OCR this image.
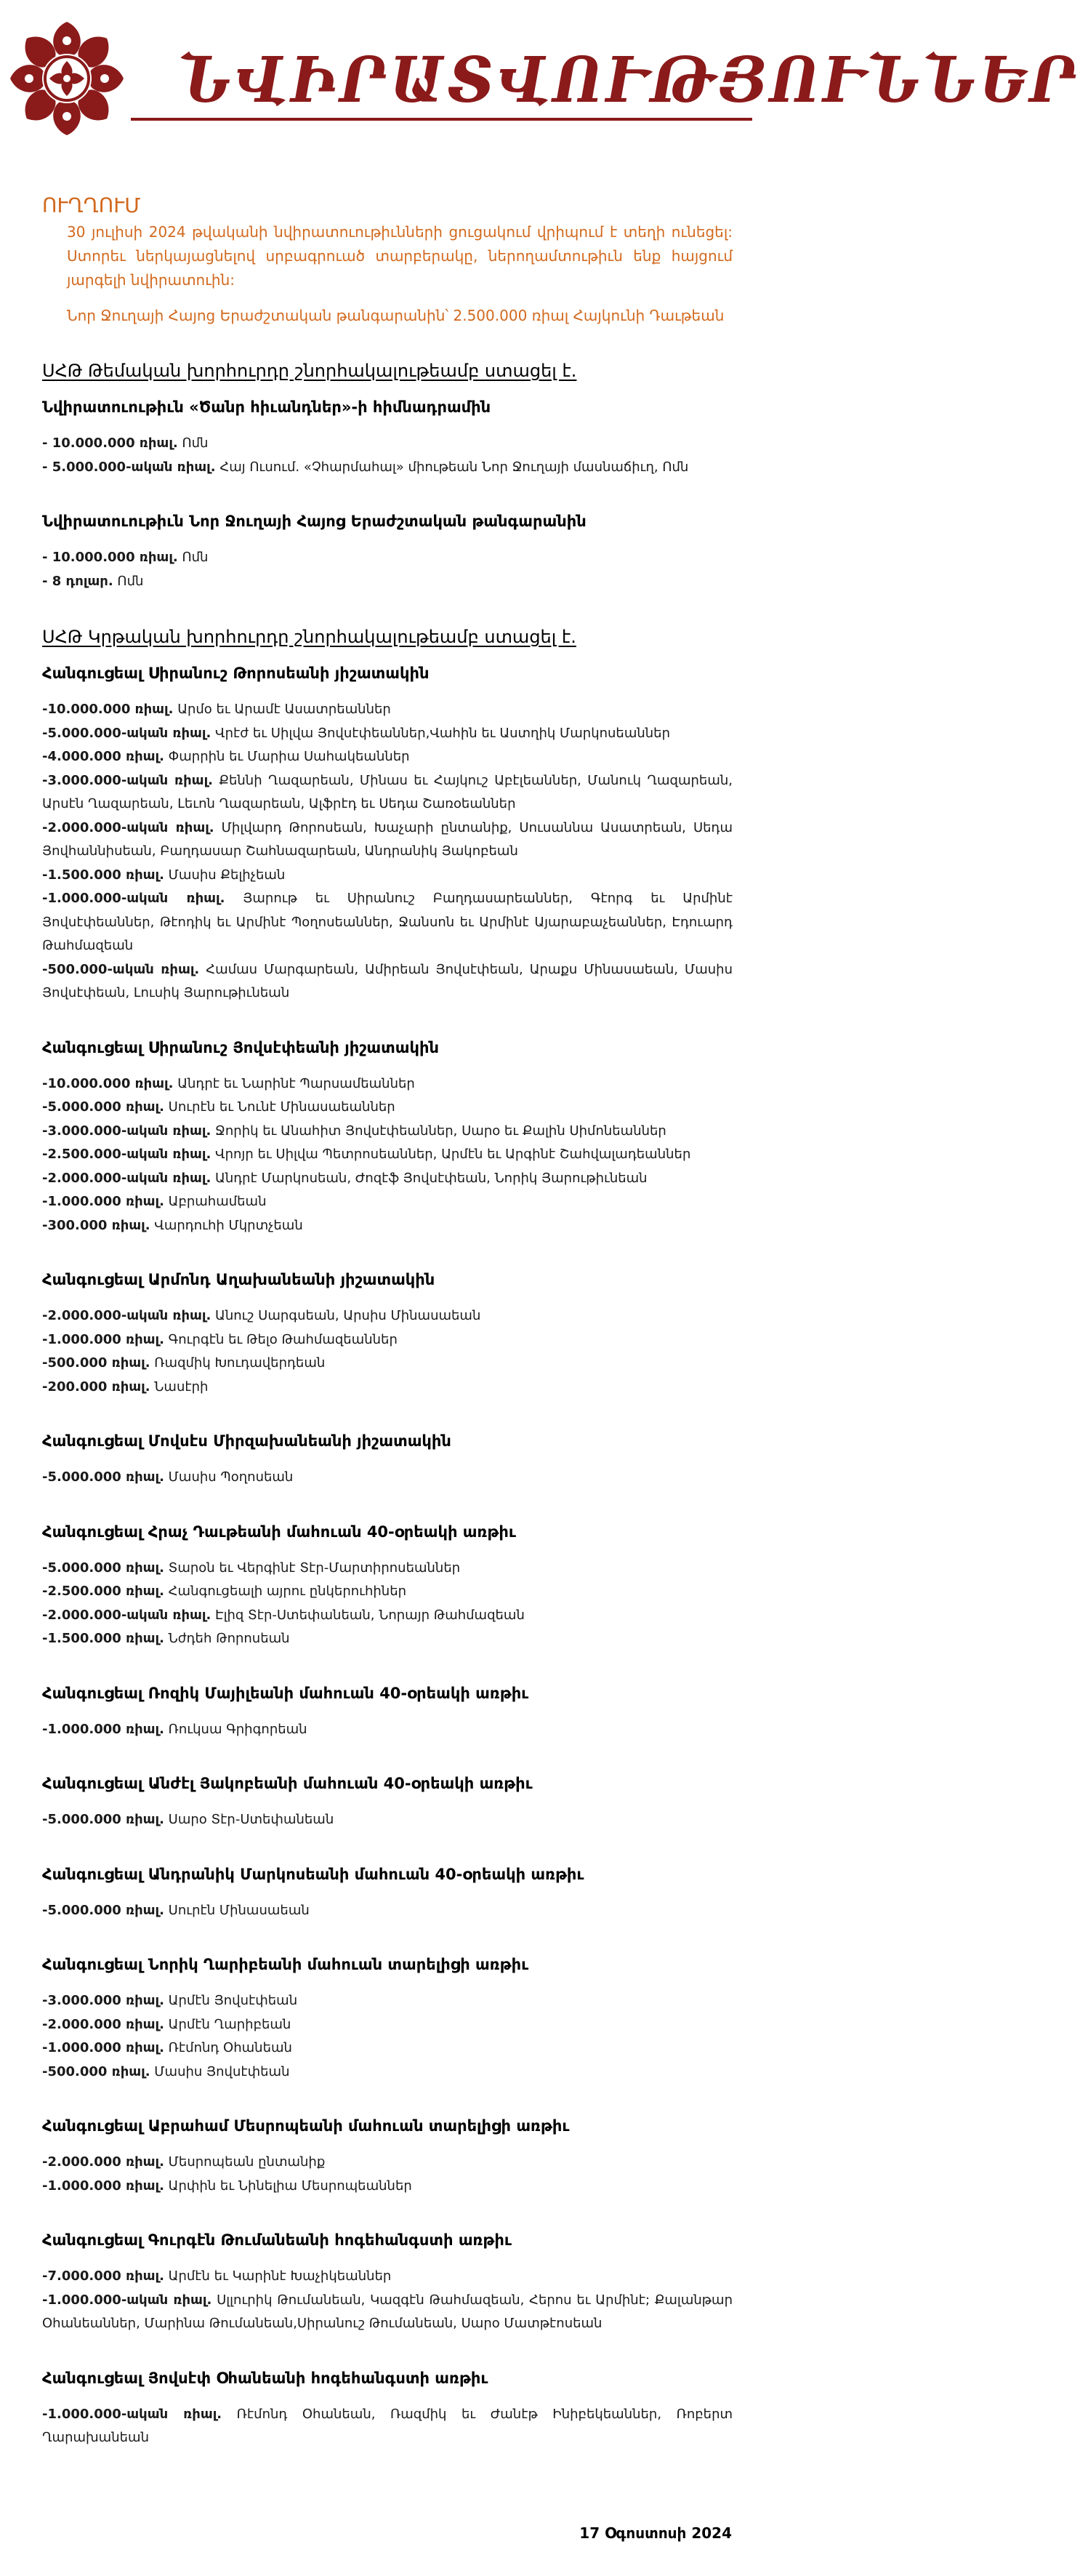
ՆՎԻՐԱՏՎՈՒԹՅՈՒՆՆԵՐ
ՈՒՂՂՈՒՄ
30 յուլիսի 2024 թվականի նվիրատուութիւնների ցուցակում վրիպում է տեղի ունեցել: Ստորեւ ներկայացնելով սրբագրուած տարբերակը, ներողամտութիւն ենք հայցում յարգելի նվիրատուին:
Նոր Ջուղայի Հայոց Երաժշտական թանգարանին՝ 2.500.000 ռիալ Հայկունի Դաւթեան
ՍՀԹ Թեմական խորհուրդը շնորհակալութեամբ ստացել է.
Նվիրատուութիւն «Ծանր հիւանդներ»-ի հիմնադրամին
- 10.000.000 ռիալ. Ոմն
- 5.000.000-ական ռիալ. Հայ Ուսում. «Չհարմահալ» միութեան Նոր Ջուղայի մասնաճիւղ, Ոմն
Նվիրատուութիւն Նոր Ջուղայի Հայոց Երաժշտական թանգարանին
- 10.000.000 ռիալ. Ոմն
- 8 դոլար. Ոմն
ՍՀԹ Կրթական խորհուրդը շնորհակալութեամբ ստացել է.
Հանգուցեալ Սիրանուշ Թորոսեանի յիշատակին
-10.000.000 ռիալ. Արմօ եւ Արամէ Ասատրեաններ
-5.000.000-ական ռիալ. Վրէժ եւ Սիլվա Յովսէփեաններ,Վահին եւ Աստղիկ Մարկոսեաններ
-4.000.000 ռիալ. Փարրին եւ Մարիա Սահակեաններ
-3.000.000-ական ռիալ. Քեննի Ղազարեան, Մինաս եւ Հայկուշ Աբէլեաններ, Մանուկ Ղազարեան, Արսէն Ղազարեան, Լեւոն Ղազարեան, Ալֆրէդ եւ Սեդա Շառօեաններ
-2.000.000-ական ռիալ. Միլվարդ Թորոսեան, Խաչարի ընտանիք, Սուսաննա Ասատրեան, Սեդա Յովհաննիսեան, Բաղդասար Շահնազարեան, Անդրանիկ Յակոբեան
-1.500.000 ռիալ. Մասիս Քելիչեան
-1.000.000-ական ռիալ. Յարութ եւ Սիրանուշ Բաղդասարեաններ, Գէորգ եւ Արմինէ Յովսէփեաններ, Թէոդիկ եւ Արմինէ Պօղոսեաններ, Ջանսոն եւ Արմինէ Այարաբաչեաններ, Էդուարդ Թահմազեան
-500.000-ական ռիալ. Համաս Մարգարեան, Ամիրեան Յովսէփեան, Արաքս Մինասաեան, Մասիս Յովսէփեան, Լուսիկ Յարութիւնեան
Հանգուցեալ Սիրանուշ Յովսէփեանի յիշատակին
-10.000.000 ռիալ. Անդրէ եւ Նարինէ Պարսամեաններ
-5.000.000 ռիալ. Սուրէն եւ Նունէ Մինասաեաններ
-3.000.000-ական ռիալ. Ջորիկ եւ Անահիտ Յովսէփեաններ, Սարօ եւ Քալին Սիմոնեաններ
-2.500.000-ական ռիալ. Վրոյր եւ Սիլվա Պետրոսեաններ, Արմէն եւ Արգինէ Շահվալադեաններ
-2.000.000-ական ռիալ. Անդրէ Մարկոսեան, Ժոզէֆ Յովսէփեան, Նորիկ Յարութիւնեան
-1.000.000 ռիալ. Աբրահամեան
-300.000 ռիալ. Վարդուհի Մկրտչեան
Հանգուցեալ Արմոնդ Աղախանեանի յիշատակին
-2.000.000-ական ռիալ. Անուշ Սարգսեան, Արսիս Մինասաեան
-1.000.000 ռիալ. Գուրգէն եւ Թելօ Թահմազեաններ
-500.000 ռիալ. Ռազմիկ Խուդավերդեան
-200.000 ռիալ. Նասէրի
Հանգուցեալ Մովսէս Միրզախանեանի յիշատակին
-5.000.000 ռիալ. Մասիս Պօղոսեան
Հանգուցեալ Հրաչ Դաւթեանի մահուան 40-օրեակի առթիւ
-5.000.000 ռիալ. Տարօն եւ Վերգինէ Տէր-Մարտիրոսեաններ
-2.500.000 ռիալ. Հանգուցեալի այրու ընկերուհիներ
-2.000.000-ական ռիալ. Էլիզ Տէր-Ստեփանեան, Նորայր Թահմազեան
-1.500.000 ռիալ. Նժդեհ Թորոսեան
Հանգուցեալ Ռոզիկ Մայիլեանի մահուան 40-օրեակի առթիւ
-1.000.000 ռիալ. Ռուկսա Գրիգորեան
Հանգուցեալ Անժէլ Յակոբեանի մահուան 40-օրեակի առթիւ
-5.000.000 ռիալ. Սարօ Տէր-Ստեփանեան
Հանգուցեալ Անդրանիկ Մարկոսեանի մահուան 40-օրեակի առթիւ
-5.000.000 ռիալ. Սուրէն Մինասաեան
Հանգուցեալ Նորիկ Ղարիբեանի մահուան տարելիցի առթիւ
-3.000.000 ռիալ. Արմէն Յովսէփեան
-2.000.000 ռիալ. Արմէն Ղարիբեան
-1.000.000 ռիալ. Ռէմոնդ Օհանեան
-500.000 ռիալ. Մասիս Յովսէփեան
Հանգուցեալ Աբրահամ Մեսրոպեանի մահուան տարելիցի առթիւ
-2.000.000 ռիալ. Մեսրոպեան ընտանիք
-1.000.000 ռիալ. Արփին եւ Նինելիա Մեսրոպեաններ
Հանգուցեալ Գուրգէն Թումանեանի հոգեհանգստի առթիւ
-7.000.000 ռիալ. Արմէն եւ Կարինէ Խաչիկեաններ
-1.000.000-ական ռիալ. Սլլուրիկ Թումանեան, Կազգէն Թահմազեան, Հերոս եւ Արմինէ; Քալանթար Օհանեաններ, Մարինա Թումանեան,Սիրանուշ Թումանեան, Սարօ Մատթէոսեան
Հանգուցեալ Յովսէփ Օհանեանի հոգեհանգստի առթիւ
-1.000.000-ական ռիալ. Ռէմոնդ Օհանեան, Ռազմիկ եւ Ժանէթ Ինիբեկեաններ, Ռոբերտ Ղարախանեան
17 Օգոստոսի 2024
